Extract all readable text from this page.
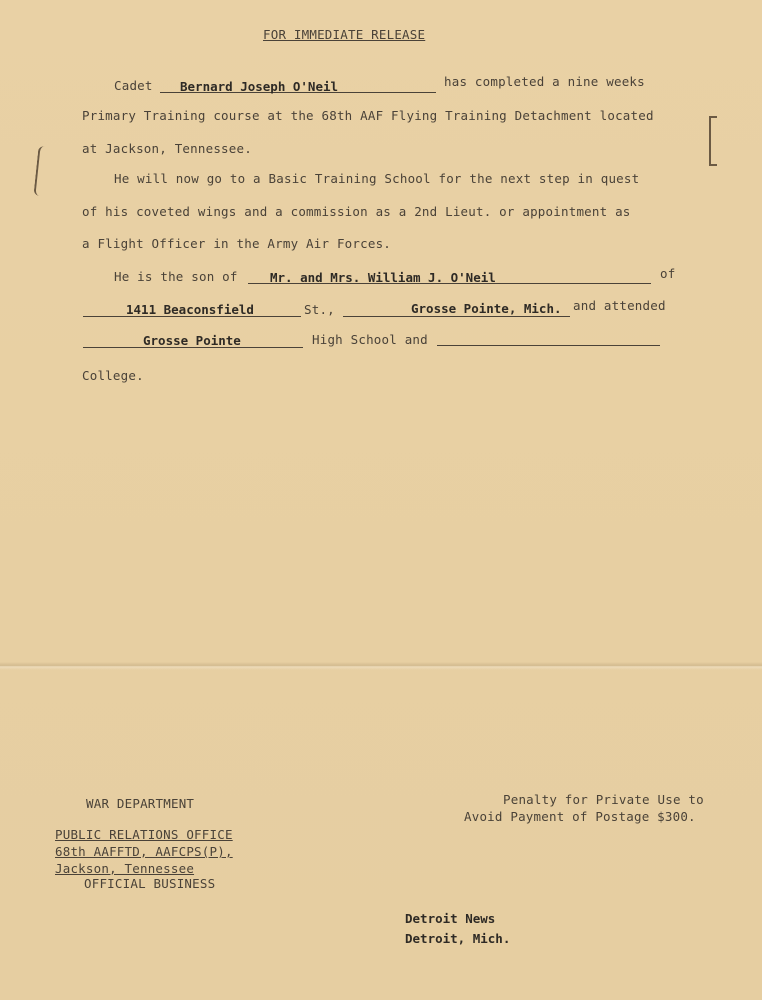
FOR IMMEDIATE RELEASE
Cadet Bernard Joseph O'Neil	has completed a nine weeks
Primary Training course at the 68th AAF Flying Training Detachment located
at Jackson, Tennessee.
He will now go to a Basic Training School for the next step in quest
of his coveted wings and a commission as a 2nd Lieut. or appointment as
a Flight Officer in the Army Air Forces.
He is the son of	Mr. and Mrs. William J. O'Neil	of
1411 Beaconsfield	St.,	Grosse Pointe, Mich. and attended
Grosse Pointe	High School and
College.
WAR DEPARTMENT
PUBLIC RELATIONS OFFICE
68th AAFFTD, AAFCPS(P),
Jackson, Tennessee
OFFICIAL BUSINESS
Penalty for Private Use to
Avoid Payment of Postage $300.
Detroit News
Detroit, Mich.
